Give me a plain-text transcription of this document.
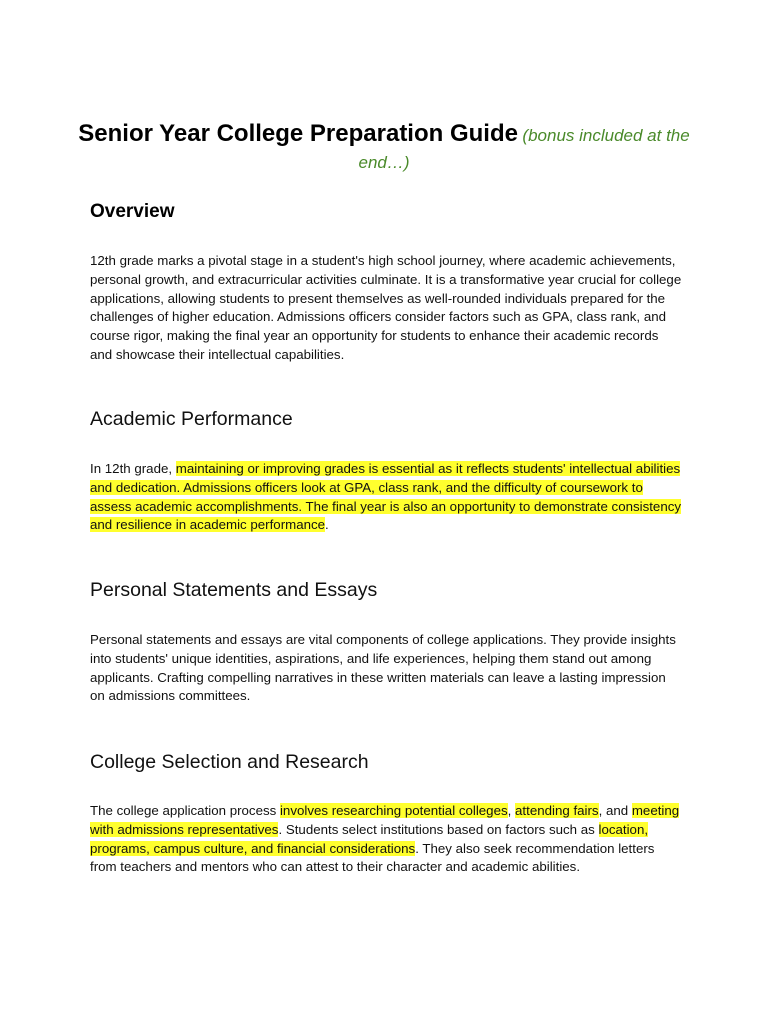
Senior Year College Preparation Guide (bonus included at the end…)
Overview

12th grade marks a pivotal stage in a student's high school journey, where academic achievements, personal growth, and extracurricular activities culminate. It is a transformative year crucial for college applications, allowing students to present themselves as well-rounded individuals prepared for the challenges of higher education. Admissions officers consider factors such as GPA, class rank, and course rigor, making the final year an opportunity for students to enhance their academic records and showcase their intellectual capabilities.

Academic Performance

In 12th grade, maintaining or improving grades is essential as it reflects students' intellectual abilities and dedication. Admissions officers look at GPA, class rank, and the difficulty of coursework to assess academic accomplishments. The final year is also an opportunity to demonstrate consistency and resilience in academic performance.

Personal Statements and Essays

Personal statements and essays are vital components of college applications. They provide insights into students' unique identities, aspirations, and life experiences, helping them stand out among applicants. Crafting compelling narratives in these written materials can leave a lasting impression on admissions committees.

College Selection and Research

The college application process involves researching potential colleges, attending fairs, and meeting with admissions representatives. Students select institutions based on factors such as location, programs, campus culture, and financial considerations. They also seek recommendation letters from teachers and mentors who can attest to their character and academic abilities.
